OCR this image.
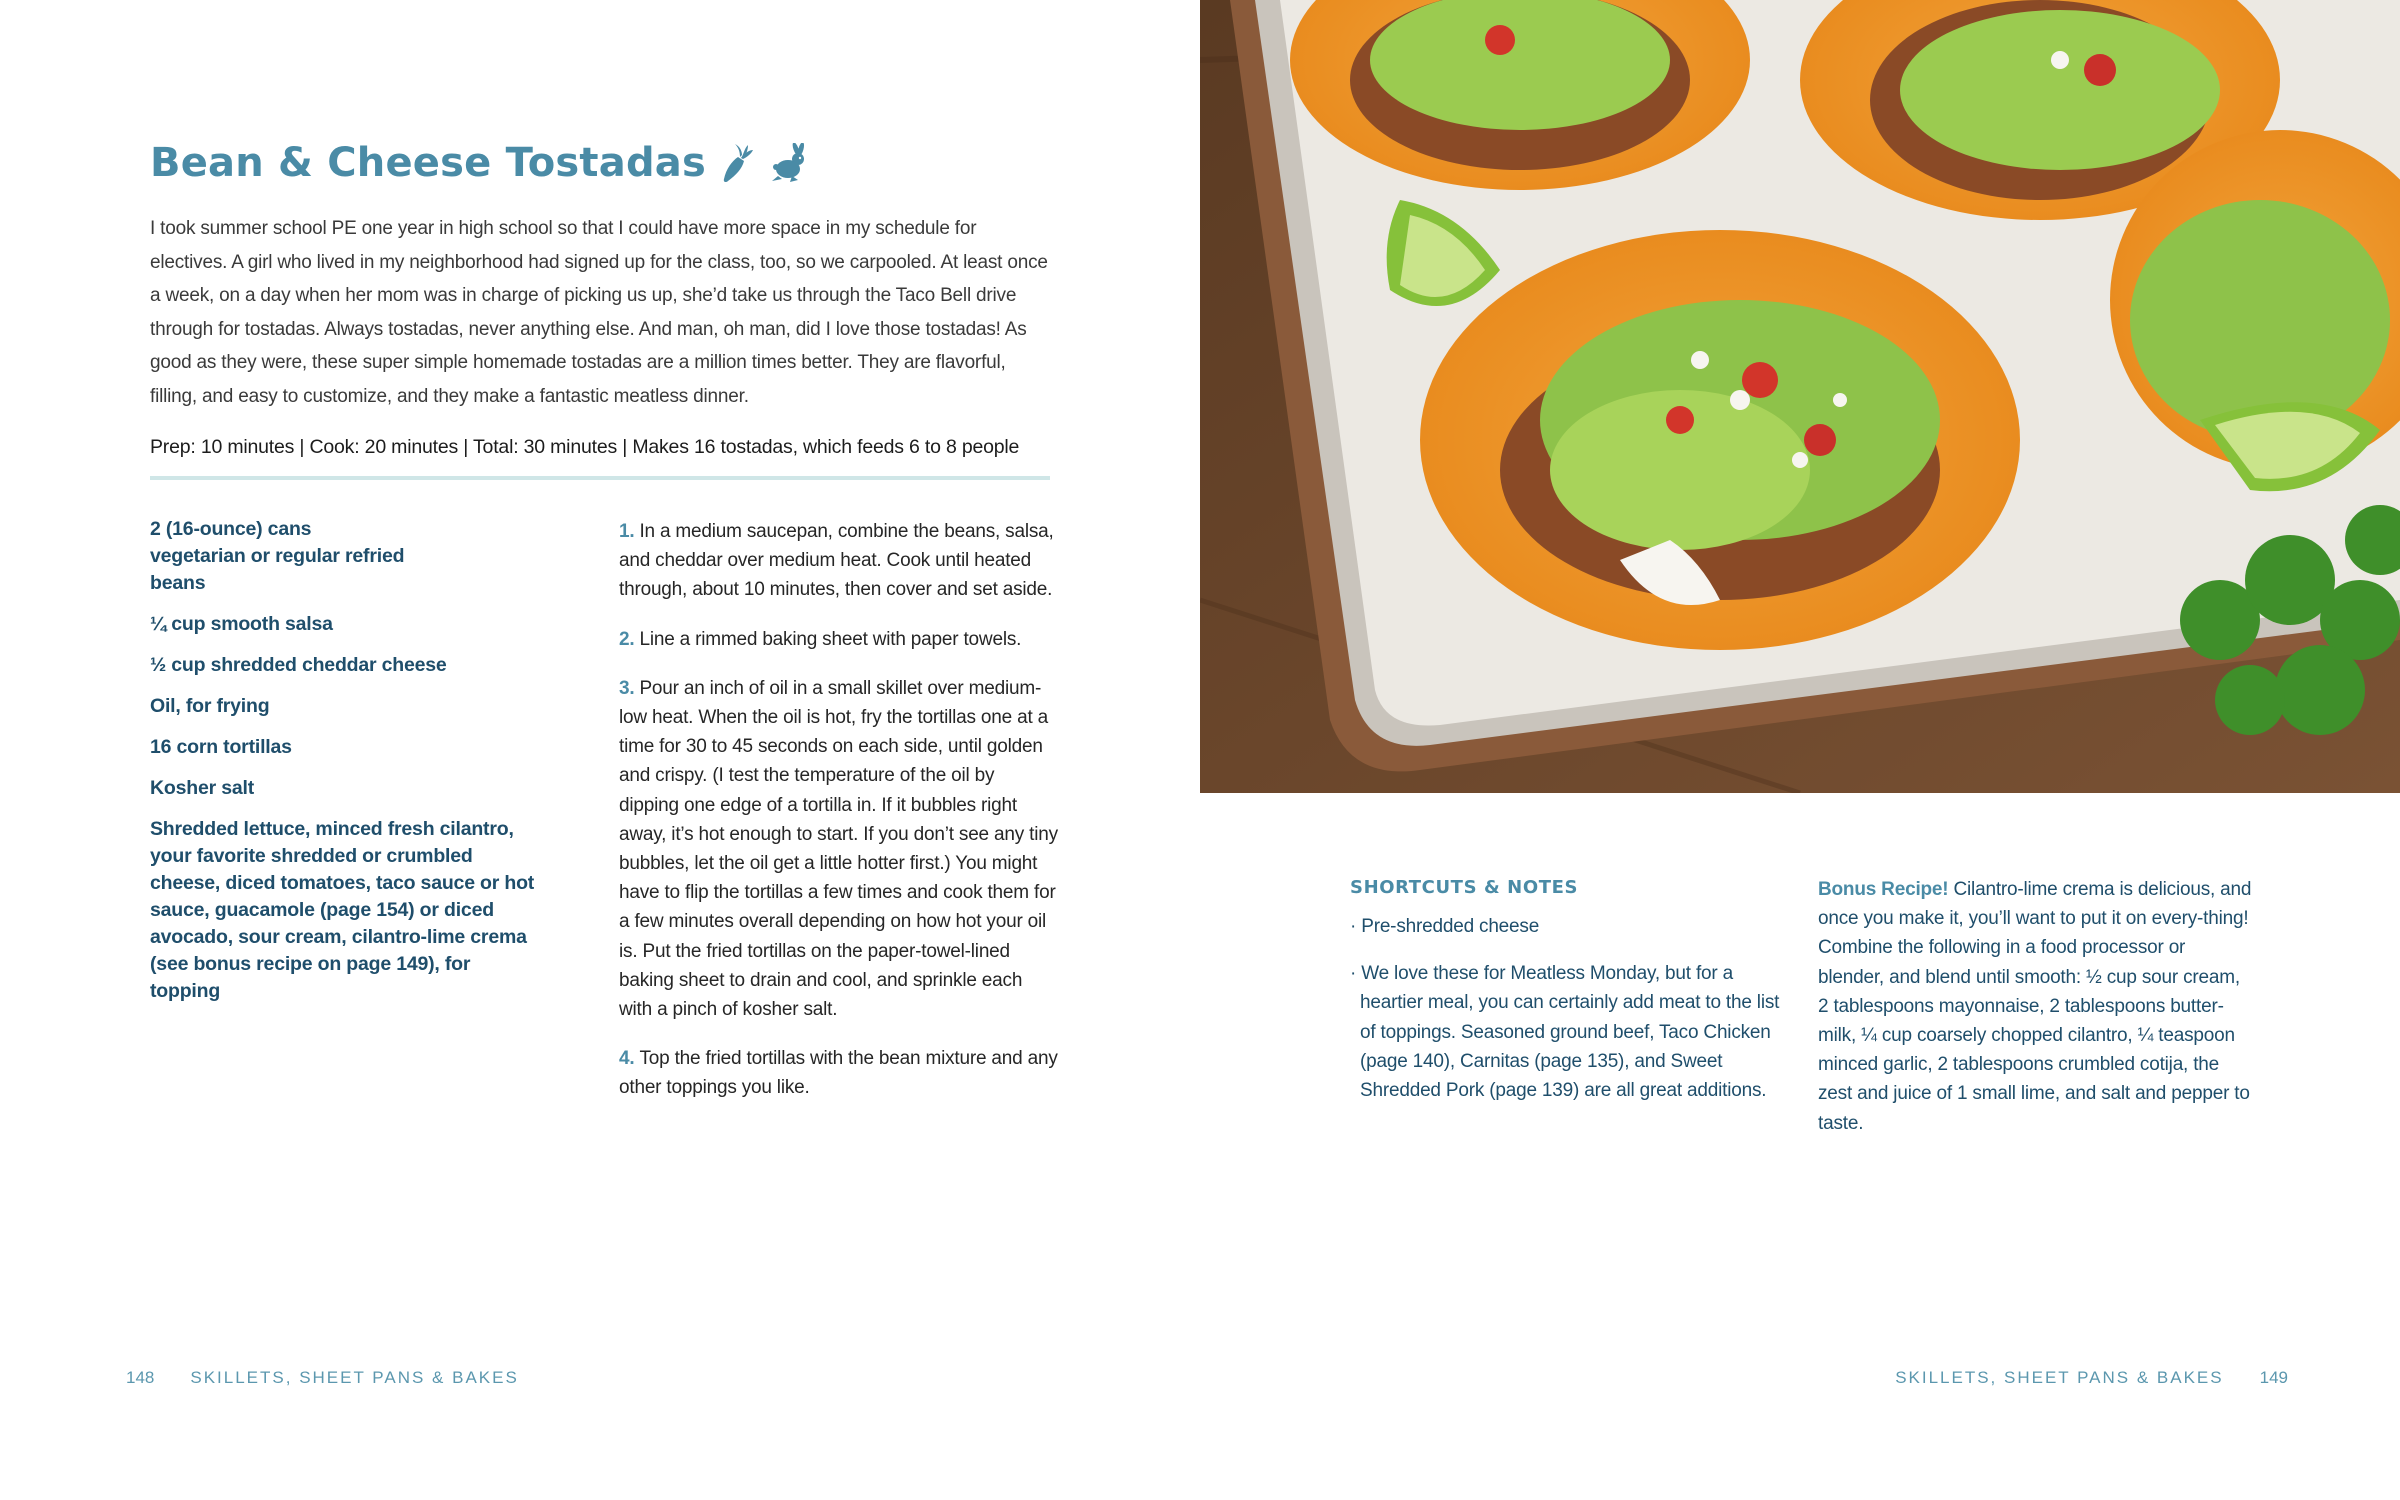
Bean & Cheese Tostadas

I took summer school PE one year in high school so that I could have more space in my schedule for electives. A girl who lived in my neighborhood had signed up for the class, too, so we carpooled. At least once a week, on a day when her mom was in charge of picking us up, she’d take us through the Taco Bell drive through for tostadas. Always tostadas, never anything else. And man, oh man, did I love those tostadas! As good as they were, these super simple homemade tostadas are a million times better. They are flavorful, filling, and easy to customize, and they make a fantastic meatless dinner.

Prep: 10 minutes | Cook: 20 minutes | Total: 30 minutes | Makes 16 tostadas, which feeds 6 to 8 people

2 (16-ounce) cans vegetarian or regular refried beans
¼ cup smooth salsa
½ cup shredded cheddar cheese
Oil, for frying
16 corn tortillas
Kosher salt
Shredded lettuce, minced fresh cilantro, your favorite shredded or crumbled cheese, diced tomatoes, taco sauce or hot sauce, guacamole (page 154) or diced avocado, sour cream, cilantro-lime crema (see bonus recipe on page 149), for topping
1. In a medium saucepan, combine the beans, salsa, and cheddar over medium heat. Cook until heated through, about 10 minutes, then cover and set aside.
2. Line a rimmed baking sheet with paper towels.
3. Pour an inch of oil in a small skillet over medium-low heat. When the oil is hot, fry the tortillas one at a time for 30 to 45 seconds on each side, until golden and crispy. (I test the temperature of the oil by dipping one edge of a tortilla in. If it bubbles right away, it’s hot enough to start. If you don’t see any tiny bubbles, let the oil get a little hotter first.) You might have to flip the tortillas a few times and cook them for a few minutes overall depending on how hot your oil is. Put the fried tortillas on the paper-towel-lined baking sheet to drain and cool, and sprinkle each with a pinch of kosher salt.
4. Top the fried tortillas with the bean mixture and any other toppings you like.
148 SKILLETS, SHEET PANS & BAKES
SHORTCUTS & NOTES
· Pre-shredded cheese
· We love these for Meatless Monday, but for a heartier meal, you can certainly add meat to the list of toppings. Seasoned ground beef, Taco Chicken (page 140), Carnitas (page 135), and Sweet Shredded Pork (page 139) are all great additions.

Bonus Recipe! Cilantro-lime crema is delicious, and once you make it, you’ll want to put it on every-thing! Combine the following in a food processor or blender, and blend until smooth: ½ cup sour cream, 2 tablespoons mayonnaise, 2 tablespoons butter-milk, ¼ cup coarsely chopped cilantro, ¼ teaspoon minced garlic, 2 tablespoons crumbled cotija, the zest and juice of 1 small lime, and salt and pepper to taste.

SKILLETS, SHEET PANS & BAKES 149
